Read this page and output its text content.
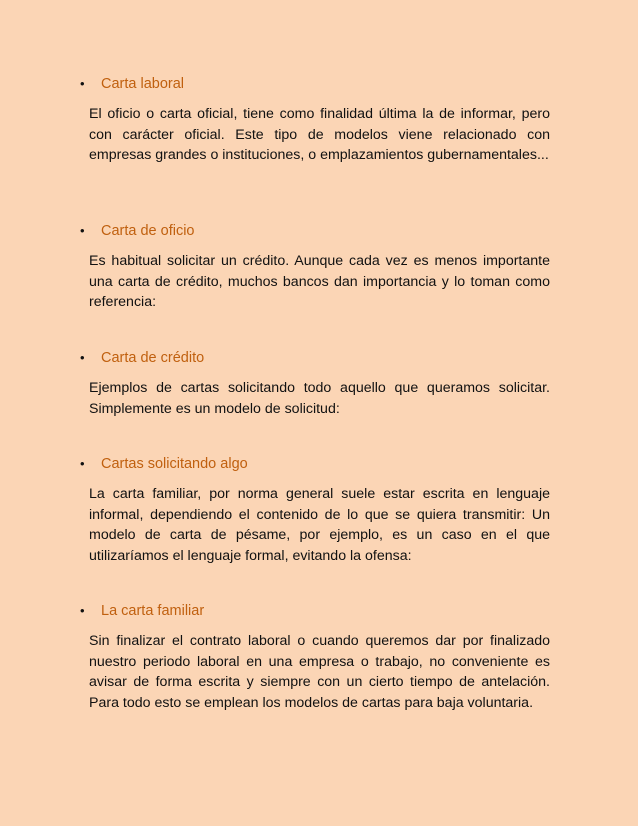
• Carta laboral
El oficio o carta oficial, tiene como finalidad última la de informar, pero con carácter oficial. Este tipo de modelos viene relacionado con empresas grandes o instituciones, o emplazamientos gubernamentales...
• Carta de oficio
Es habitual solicitar un crédito. Aunque cada vez es menos importante una carta de crédito, muchos bancos dan importancia y lo toman como referencia:
• Carta de crédito
Ejemplos de cartas solicitando todo aquello que queramos solicitar. Simplemente es un modelo de solicitud:
• Cartas solicitando algo
La carta familiar, por norma general suele estar escrita en lenguaje informal, dependiendo el contenido de lo que se quiera transmitir: Un modelo de carta de pésame, por ejemplo, es un caso en el que utilizaríamos el lenguaje formal, evitando la ofensa:
• La carta familiar
Sin finalizar el contrato laboral o cuando queremos dar por finalizado nuestro periodo laboral en una empresa o trabajo, no conveniente es avisar de forma escrita y siempre con un cierto tiempo de antelación. Para todo esto se emplean los modelos de cartas para baja voluntaria.
